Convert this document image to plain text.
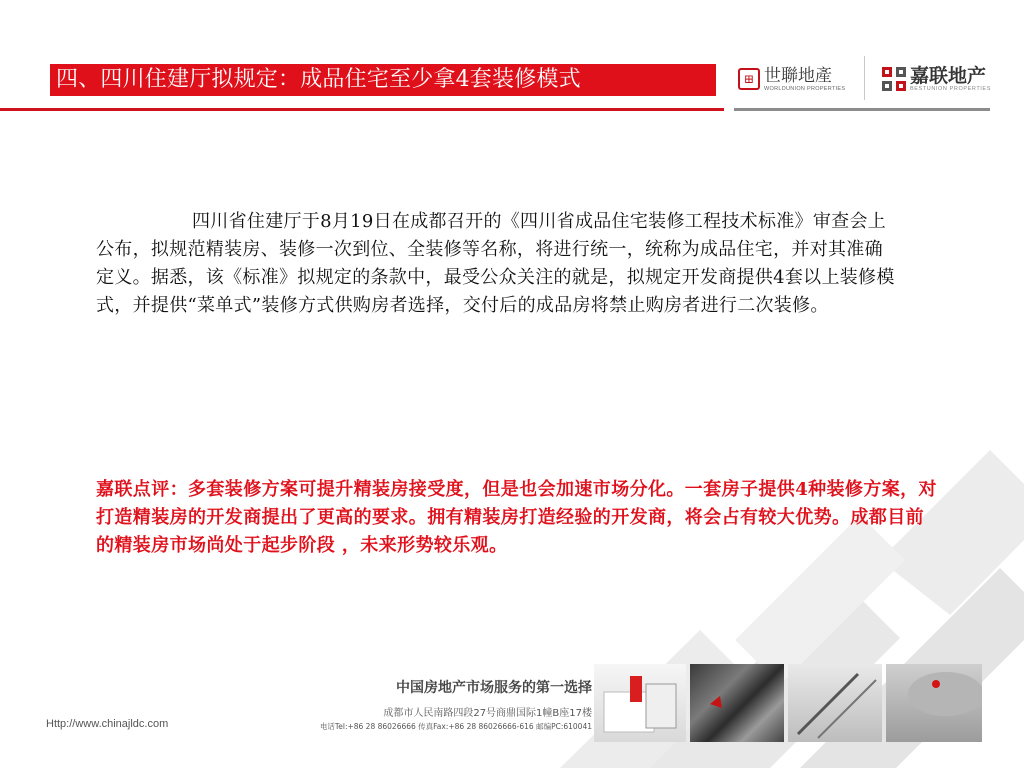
四、四川住建厅拟规定：成品住宅至少拿4套装修模式	⊞ 世聯地產
WORLDUNION PROPERTIES
嘉联地产
BESTUNION PROPERTIES
四川省住建厅于8月19日在成都召开的《四川省成品住宅装修工程技术标准》审查会上公布，拟规范精装房、装修一次到位、全装修等名称，将进行统一，统称为成品住宅，并对其准确定义。据悉，该《标准》拟规定的条款中，最受公众关注的就是，拟规定开发商提供4套以上装修模式，并提供“菜单式”装修方式供购房者选择，交付后的成品房将禁止购房者进行二次装修。
嘉联点评：多套装修方案可提升精装房接受度，但是也会加速市场分化。一套房子提供4种装修方案，对打造精装房的开发商提出了更高的要求。拥有精装房打造经验的开发商，将会占有较大优势。成都目前的精装房市场尚处于起步阶段 ，未来形势较乐观。
中国房地产市场服务的第一选择
成都市人民南路四段27号商鼎国际1幢B座17楼
电话Tel:+86 28 86026666 传真Fax:+86 28 86026666-616 邮编PC:610041
Http://www.chinajldc.com
